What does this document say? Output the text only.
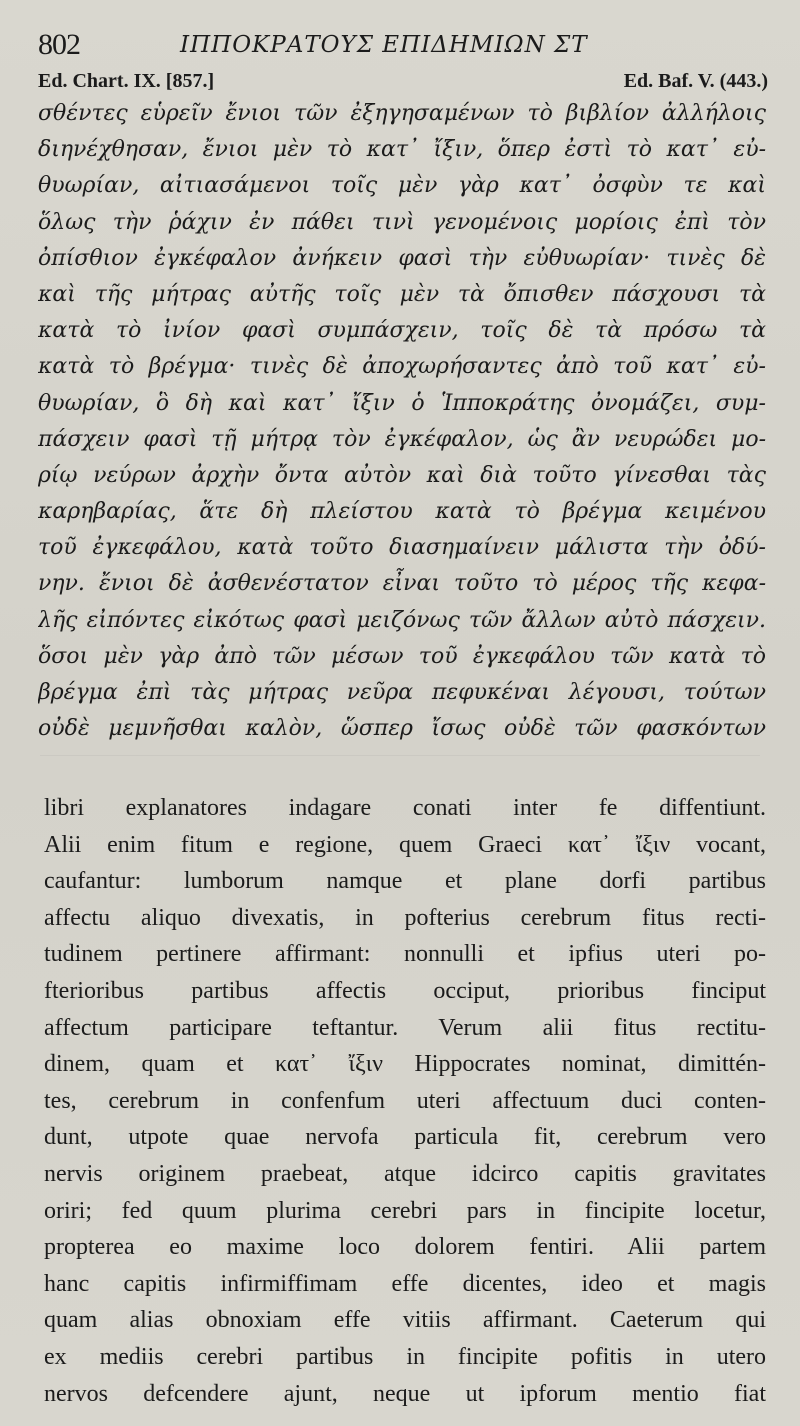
802	ΙΠΠΟΚΡΑΤΟΥΣ ΕΠΙΔΗΜΙΩΝ ΣΤ
Ed. Chart. IX. [857.]	Ed. Baf. V. (443.)
σθέντες εὑρεῖν ἔνιοι τῶν ἐξηγησαμένων τὸ βιβλίον ἀλλήλοις
διηνέχθησαν, ἔνιοι μὲν τὸ κατ᾽ ἴξιν, ὅπερ ἐστὶ τὸ κατ᾽ εὐ-
θυωρίαν, αἰτιασάμενοι τοῖς μὲν γὰρ κατ᾽ ὀσφὺν τε καὶ
ὅλως τὴν ῥάχιν ἐν πάθει τινὶ γενομένοις μορίοις ἐπὶ τὸν
ὀπίσθιον ἐγκέφαλον ἀνήκειν φασὶ τὴν εὐθυωρίαν· τινὲς δὲ
καὶ τῆς μήτρας αὐτῆς τοῖς μὲν τὰ ὄπισθεν πάσχουσι τὰ
κατὰ τὸ ἰνίον φασὶ συμπάσχειν, τοῖς δὲ τὰ πρόσω τὰ
κατὰ τὸ βρέγμα· τινὲς δὲ ἀποχωρήσαντες ἀπὸ τοῦ κατ᾽ εὐ-
θυωρίαν, ὃ δὴ καὶ κατ᾽ ἴξιν ὁ Ἱπποκράτης ὀνομάζει, συμ-
πάσχειν φασὶ τῇ μήτρᾳ τὸν ἐγκέφαλον, ὡς ἂν νευρώδει μο-
ρίῳ νεύρων ἀρχὴν ὄντα αὐτὸν καὶ διὰ τοῦτο γίνεσθαι τὰς
καρηβαρίας, ἅτε δὴ πλείστου κατὰ τὸ βρέγμα κειμένου
τοῦ ἐγκεφάλου, κατὰ τοῦτο διασημαίνειν μάλιστα τὴν ὀδύ-
νην. ἔνιοι δὲ ἀσθενέστατον εἶναι τοῦτο τὸ μέρος τῆς κεφα-
λῆς εἰπόντες εἰκότως φασὶ μειζόνως τῶν ἄλλων αὐτὸ πάσχειν.
ὅσοι μὲν γὰρ ἀπὸ τῶν μέσων τοῦ ἐγκεφάλου τῶν κατὰ τὸ
βρέγμα ἐπὶ τὰς μήτρας νεῦρα πεφυκέναι λέγουσι, τούτων
οὐδὲ μεμνῆσθαι καλὸν, ὥσπερ ἴσως οὐδὲ τῶν φασκόντων
libri explanatores indagare conati inter fe diffentiunt.
Alii enim fitum e regione, quem Graeci κατ᾽ ἴξιν vocant,
caufantur: lumborum namque et plane dorfi partibus
affectu aliquo divexatis, in pofterius cerebrum fitus recti-
tudinem pertinere affirmant: nonnulli et ipfius uteri po-
fterioribus partibus affectis occiput, prioribus finciput
affectum participare teftantur. Verum alii fitus rectitu-
dinem, quam et κατ᾽ ἴξιν Hippocrates nominat, dimittén-
tes, cerebrum in confenfum uteri affectuum duci conten-
dunt, utpote quae nervofa particula fit, cerebrum vero
nervis originem praebeat, atque idcirco capitis gravitates
oriri; fed quum plurima cerebri pars in fincipite locetur,
propterea eo maxime loco dolorem fentiri. Alii partem
hanc capitis infirmiffimam effe dicentes, ideo et magis
quam alias obnoxiam effe vitiis affirmant. Caeterum qui
ex mediis cerebri partibus in fincipite pofitis in utero
nervos defcendere ajunt, neque ut ipforum mentio fiat
